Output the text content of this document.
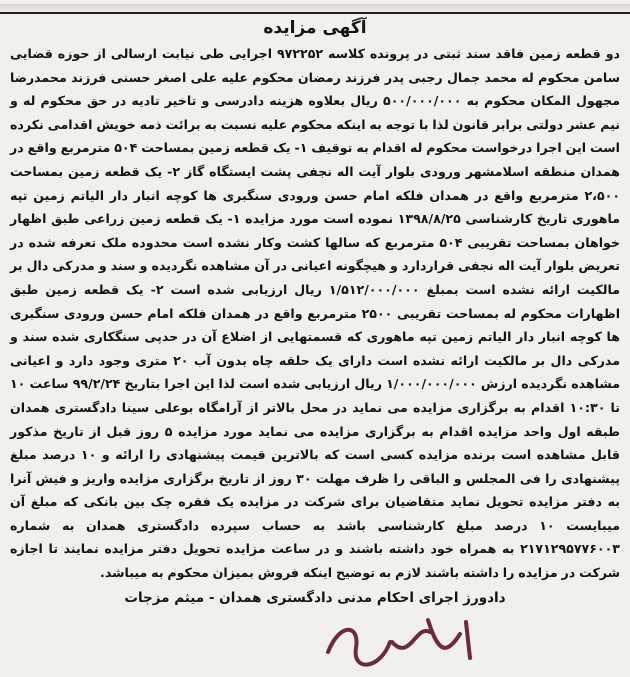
آگهی مزایده

دو قطعه زمین فاقد سند ثبتی در پرونده کلاسه ۹۷۲۲۵۲ اجرایی طی نیابت ارسالی از حوزه قضایی سامن محکوم له محمد جمال رجبی پدر فرزند رمضان محکوم علیه علی اصغر حسنی فرزند محمدرضا مجهول المکان محکوم به ۵۰۰/۰۰۰/۰۰۰ ریال بعلاوه هزینه دادرسی و تاخیر تادیه در حق محکوم له و نیم عشر دولتی برابر قانون لذا با توجه به اینکه محکوم علیه نسبت به برائت ذمه خویش اقدامی نکرده است این اجرا درخواست محکوم له اقدام به توقیف ۱- یک قطعه زمین بمساحت ۵۰۴ مترمربع واقع در همدان منطقه اسلامشهر ورودی بلوار آیت اله نجفی پشت ایستگاه گاز ۲- یک قطعه زمین بمساحت ۲،۵۰۰ مترمربع واقع در همدان فلکه امام حسن ورودی سنگبری ها کوچه انبار دار الیاتم زمین تپه ماهوری تاریخ کارشناسی ۱۳۹۸/۸/۲۵ نموده است مورد مزایده ۱- یک قطعه زمین زراعی طبق اظهار خواهان بمساحت تقریبی ۵۰۴ مترمربع که سالها کشت وکار نشده است محدوده ملک تعرفه شده در تعریض بلوار آیت اله نجفی قراردارد و هیچگونه اعیانی در آن مشاهده نگردیده و سند و مدرکی دال بر مالکیت ارائه نشده است بمبلغ ۱/۵۱۲/۰۰۰/۰۰۰ ریال ارزیابی شده است ۲- یک قطعه زمین طبق اظهارات محکوم له بمساحت تقریبی ۲۵۰۰ مترمربع واقع در همدان فلکه امام حسن ورودی سنگبری ها کوچه انبار دار الیاتم زمین تپه ماهوری که قسمتهایی از اضلاع آن در حدپی سنگکاری شده سند و مدرکی دال بر مالکیت ارائه نشده است دارای یک حلقه چاه بدون آب ۲۰ متری وجود دارد و اعیانی مشاهده نگردیده ارزش ۱/۰۰۰/۰۰۰/۰۰۰ ریال ارزیابی شده است لذا این اجرا بتاریخ ۹۹/۲/۲۴ ساعت ۱۰ تا ۱۰:۳۰ اقدام به برگزاری مزایده می نماید در محل بالاتر از آرامگاه بوعلی سینا دادگستری همدان طبقه اول واحد مزایده اقدام به برگزاری مزایده می نماید مورد مزایده ۵ روز قبل از تاریخ مذکور قابل مشاهده است برنده مزایده کسی است که بالاترین قیمت پیشنهادی را ارائه و ۱۰ درصد مبلغ پیشنهادی را فی المجلس و الباقی را ظرف مهلت ۳۰ روز از تاریخ برگزاری مزایده واریز و فیش آنرا به دفتر مزایده تحویل نماید متقاضیان برای شرکت در مزایده یک فقره چک بین بانکی که مبلغ آن میبایست ۱۰ درصد مبلغ کارشناسی باشد به حساب سپرده دادگستری همدان به شماره ۲۱۷۱۲۹۵۷۷۶۰۰۳ به همراه خود داشته باشند و در ساعت مزایده تحویل دفتر مزایده نمایند تا اجازه شرکت در مزایده را داشته باشند لازم به توضیح اینکه فروش بمیزان محکوم به میباشد.

دادورز اجرای احکام مدنی دادگستری همدان - میثم مزجات
